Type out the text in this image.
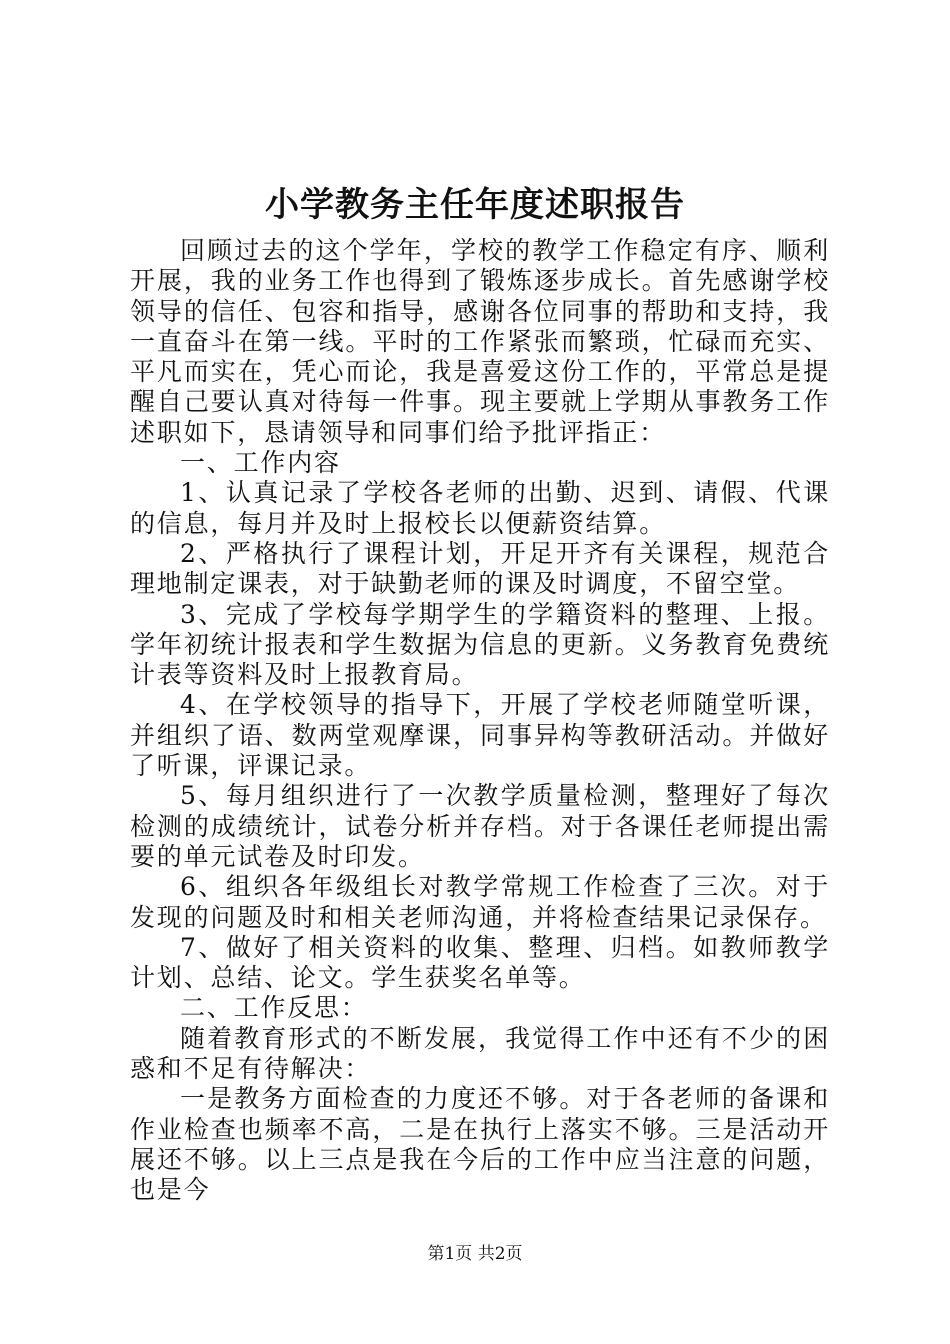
小学教务主任年度述职报告

回顾过去的这个学年，学校的教学工作稳定有序、顺利开展，我的业务工作也得到了锻炼逐步成长。首先感谢学校领导的信任、包容和指导，感谢各位同事的帮助和支持，我一直奋斗在第一线。平时的工作紧张而繁琐，忙碌而充实、平凡而实在，凭心而论，我是喜爱这份工作的，平常总是提醒自己要认真对待每一件事。现主要就上学期从事教务工作述职如下，恳请领导和同事们给予批评指正：

一、工作内容

1、认真记录了学校各老师的出勤、迟到、请假、代课的信息，每月并及时上报校长以便薪资结算。

2、严格执行了课程计划，开足开齐有关课程，规范合理地制定课表，对于缺勤老师的课及时调度，不留空堂。

3、完成了学校每学期学生的学籍资料的整理、上报。学年初统计报表和学生数据为信息的更新。义务教育免费统计表等资料及时上报教育局。

4、在学校领导的指导下，开展了学校老师随堂听课，并组织了语、数两堂观摩课，同事异构等教研活动。并做好了听课，评课记录。

5、每月组织进行了一次教学质量检测，整理好了每次检测的成绩统计，试卷分析并存档。对于各课任老师提出需要的单元试卷及时印发。

6、组织各年级组长对教学常规工作检查了三次。对于发现的问题及时和相关老师沟通，并将检查结果记录保存。

7、做好了相关资料的收集、整理、归档。如教师教学计划、总结、论文。学生获奖名单等。

二、工作反思：

随着教育形式的不断发展，我觉得工作中还有不少的困惑和不足有待解决：

一是教务方面检查的力度还不够。对于各老师的备课和作业检查也频率不高，二是在执行上落实不够。三是活动开展还不够。以上三点是我在今后的工作中应当注意的问题，也是今

第1页 共2页
